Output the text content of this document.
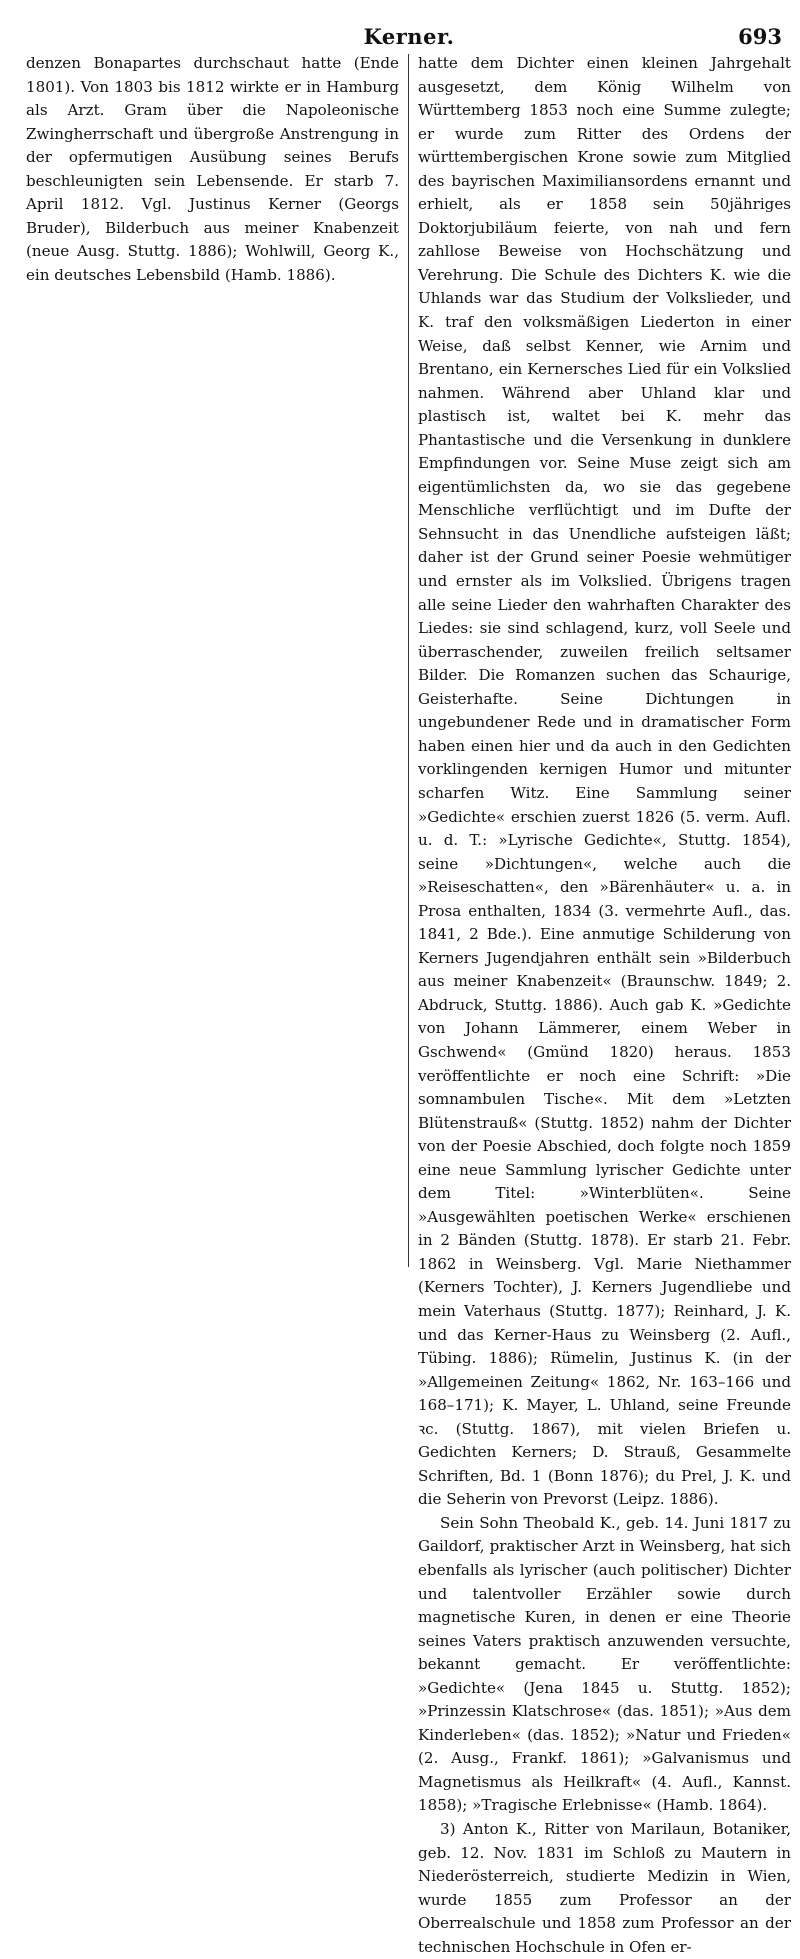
Kerner.	693

denzen Bonapartes durchschaut hatte (Ende 1801). Von 1803 bis 1812 wirkte er in Hamburg als Arzt. Gram über die Napoleonische Zwingherrschaft und übergroße Anstrengung in der opfermutigen Ausübung seines Berufs beschleunigten sein Lebensende. Er starb 7. April 1812. Vgl. Justinus Kerner (Georgs Bruder), Bilderbuch aus meiner Knabenzeit (neue Ausg. Stuttg. 1886); Wohlwill, Georg K., ein deutsches Lebensbild (Hamb. 1886).

hatte dem Dichter einen kleinen Jahrgehalt ausgesetzt, dem König Wilhelm von Württemberg 1853 noch eine Summe zulegte; er wurde zum Ritter des Ordens der württembergischen Krone sowie zum Mitglied des bayrischen Maximiliansordens ernannt und erhielt, als er 1858 sein 50jähriges Doktorjubiläum feierte, von nah und fern zahllose Beweise von Hochschätzung und Verehrung. Die Schule des Dichters K. wie die Uhlands war das Studium der Volkslieder, und K. traf den volksmäßigen Liederton in einer Weise, daß selbst Kenner, wie Arnim und Brentano, ein Kernersches Lied für ein Volkslied nahmen. Während aber Uhland klar und plastisch ist, waltet bei K. mehr das Phantastische und die Versenkung in dunklere Empfindungen vor. Seine Muse zeigt sich am eigentümlichsten da, wo sie das gegebene Menschliche verflüchtigt und im Dufte der Sehnsucht in das Unendliche aufsteigen läßt; daher ist der Grund seiner Poesie wehmütiger und ernster als im Volkslied. Übrigens tragen alle seine Lieder den wahrhaften Charakter des Liedes: sie sind schlagend, kurz, voll Seele und überraschender, zuweilen freilich seltsamer Bilder. Die Romanzen suchen das Schaurige, Geisterhafte. Seine Dichtungen in ungebundener Rede und in dramatischer Form haben einen hier und da auch in den Gedichten vorklingenden kernigen Humor und mitunter scharfen Witz. Eine Sammlung seiner »Gedichte« erschien zuerst 1826 (5. verm. Aufl. u. d. T.: »Lyrische Gedichte«, Stuttg. 1854), seine »Dichtungen«, welche auch die »Reiseschatten«, den »Bärenhäuter« u. a. in Prosa enthalten, 1834 (3. vermehrte Aufl., das. 1841, 2 Bde.). Eine anmutige Schilderung von Kerners Jugendjahren enthält sein »Bilderbuch aus meiner Knabenzeit« (Braunschw. 1849; 2. Abdruck, Stuttg. 1886). Auch gab K. »Gedichte von Johann Lämmerer, einem Weber in Gschwend« (Gmünd 1820) heraus. 1853 veröffentlichte er noch eine Schrift: »Die somnambulen Tische«. Mit dem »Letzten Blütenstrauß« (Stuttg. 1852) nahm der Dichter von der Poesie Abschied, doch folgte noch 1859 eine neue Sammlung lyrischer Gedichte unter dem Titel: »Winterblüten«. Seine »Ausgewählten poetischen Werke« erschienen in 2 Bänden (Stuttg. 1878). Er starb 21. Febr. 1862 in Weinsberg. Vgl. Marie Niethammer (Kerners Tochter), J. Kerners Jugendliebe und mein Vaterhaus (Stuttg. 1877); Reinhard, J. K. und das Kerner-Haus zu Weinsberg (2. Aufl., Tübing. 1886); Rümelin, Justinus K. (in der »Allgemeinen Zeitung« 1862, Nr. 163–166 und 168–171); K. Mayer, L. Uhland, seine Freunde ꝛc. (Stuttg. 1867), mit vielen Briefen u. Gedichten Kerners; D. Strauß, Gesammelte Schriften, Bd. 1 (Bonn 1876); du Prel, J. K. und die Seherin von Prevorst (Leipz. 1886).

Sein Sohn Theobald K., geb. 14. Juni 1817 zu Gaildorf, praktischer Arzt in Weinsberg, hat sich ebenfalls als lyrischer (auch politischer) Dichter und talentvoller Erzähler sowie durch magnetische Kuren, in denen er eine Theorie seines Vaters praktisch anzuwenden versuchte, bekannt gemacht. Er veröffentlichte: »Gedichte« (Jena 1845 u. Stuttg. 1852); »Prinzessin Klatschrose« (das. 1851); »Aus dem Kinderleben« (das. 1852); »Natur und Frieden« (2. Ausg., Frankf. 1861); »Galvanismus und Magnetismus als Heilkraft« (4. Aufl., Kannst. 1858); »Tragische Erlebnisse« (Hamb. 1864).

3) Anton K., Ritter von Marilaun, Botaniker, geb. 12. Nov. 1831 im Schloß zu Mautern in Niederösterreich, studierte Medizin in Wien, wurde 1855 zum Professor an der Oberrealschule und 1858 zum Professor an der technischen Hochschule in Ofen er-
